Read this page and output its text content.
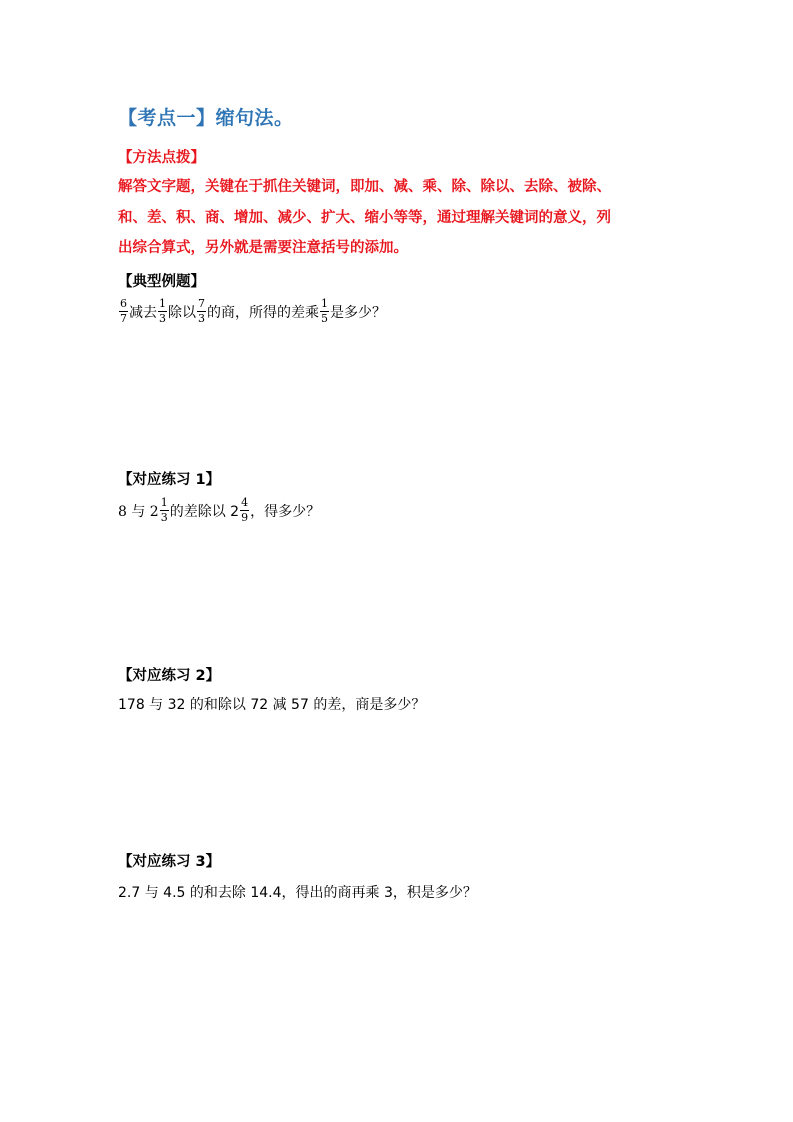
【考点一】缩句法。
【方法点拨】
解答文字题，关键在于抓住关键词，即加、减、乘、除、除以、去除、被除、
和、差、积、商、增加、减少、扩大、缩小等等，通过理解关键词的意义，列
出综合算式，另外就是需要注意括号的添加。
【典型例题】
$\frac{6}{7}$ 减去 $\frac{1}{3}$ 除以 $\frac{7}{3}$ 的商，所得的差乘 $\frac{1}{5}$ 是多少？
【对应练习 1】
8 与 $2 \frac{1}{3}$ 的差除以 $2 \frac{4}{9}$ ，得多少？
【对应练习 2】
178 与 32 的和除以 72 减 57 的差，商是多少？
【对应练习 3】
2.7 与 4.5 的和去除 14.4，得出的商再乘 3，积是多少？
